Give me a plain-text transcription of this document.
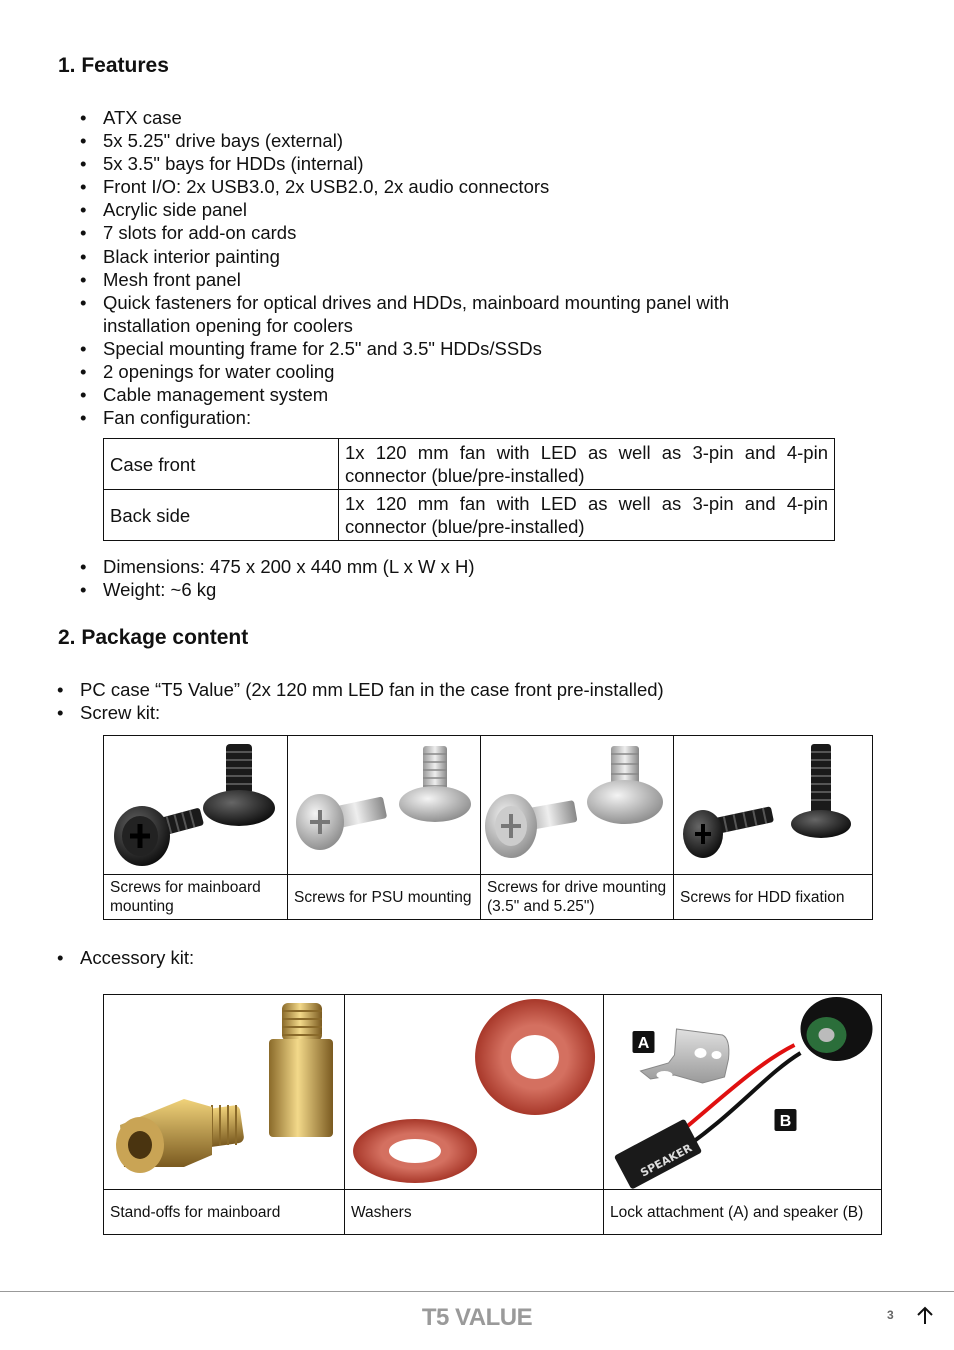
1. Features
• ATX case
• 5x 5.25" drive bays (external)
• 5x 3.5" bays for HDDs (internal)
• Front I/O: 2x USB3.0, 2x USB2.0, 2x audio connectors
• Acrylic side panel
• 7 slots for add-on cards
• Black interior painting
• Mesh front panel
• Quick fasteners for optical drives and HDDs, mainboard mounting panel with installation opening for coolers
• Special mounting frame for 2.5" and 3.5" HDDs/SSDs
• 2 openings for water cooling
• Cable management system
• Fan configuration:
Case front	1x 120 mm fan with LED as well as 3-pin and 4-pin connector (blue/pre-installed)
Back side	1x 120 mm fan with LED as well as 3-pin and 4-pin connector (blue/pre-installed)
• Dimensions: 475 x 200 x 440 mm (L x W x H)
• Weight: ~6 kg
2. Package content
• PC case “T5 Value” (2x 120 mm LED fan in the case front pre-installed)
• Screw kit:

Screws for mainboard mounting	Screws for PSU mounting	Screws for drive mounting (3.5" and 5.25")	Screws for HDD fixation
• Accessory kit:

SPEAKER
A
B

Stand-offs for mainboard	Washers	Lock attachment (A) and speaker (B)
T5 VALUE	3
